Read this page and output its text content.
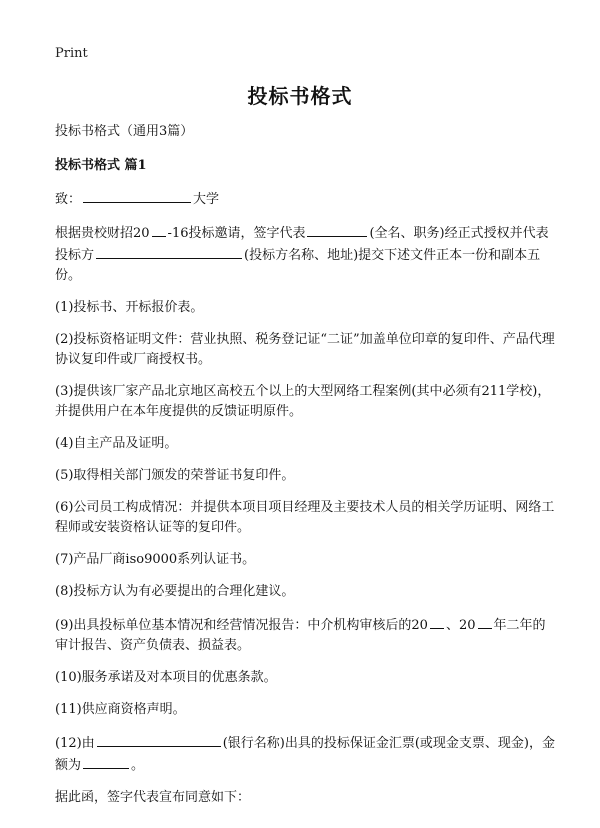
Print
投标书格式

投标书格式（通用3篇）

投标书格式 篇1

致：	大学

根据贵校财招20 -16投标邀请，签字代表	(全名、职务)经正式授权并代表投标方	(投标方名称、地址)提交下述文件正本一份和副本五份。

(1)投标书、开标报价表。

(2)投标资格证明文件：营业执照、税务登记证“二证”加盖单位印章的复印件、产品代理协议复印件或厂商授权书。

(3)提供该厂家产品北京地区高校五个以上的大型网络工程案例(其中必须有211学校)，并提供用户在本年度提供的反馈证明原件。

(4)自主产品及证明。

(5)取得相关部门颁发的荣誉证书复印件。

(6)公司员工构成情况：并提供本项目项目经理及主要技术人员的相关学历证明、网络工程师或安装资格认证等的复印件。

(7)产品厂商iso9000系列认证书。

(8)投标方认为有必要提出的合理化建议。

(9)出具投标单位基本情况和经营情况报告：中介机构审核后的20 、20 年二年的审计报告、资产负债表、损益表。

(10)服务承诺及对本项目的优惠条款。

(11)供应商资格声明。

(12)由	(银行名称)出具的投标保证金汇票(或现金支票、现金)，金额为	。

据此函，签字代表宣布同意如下：
